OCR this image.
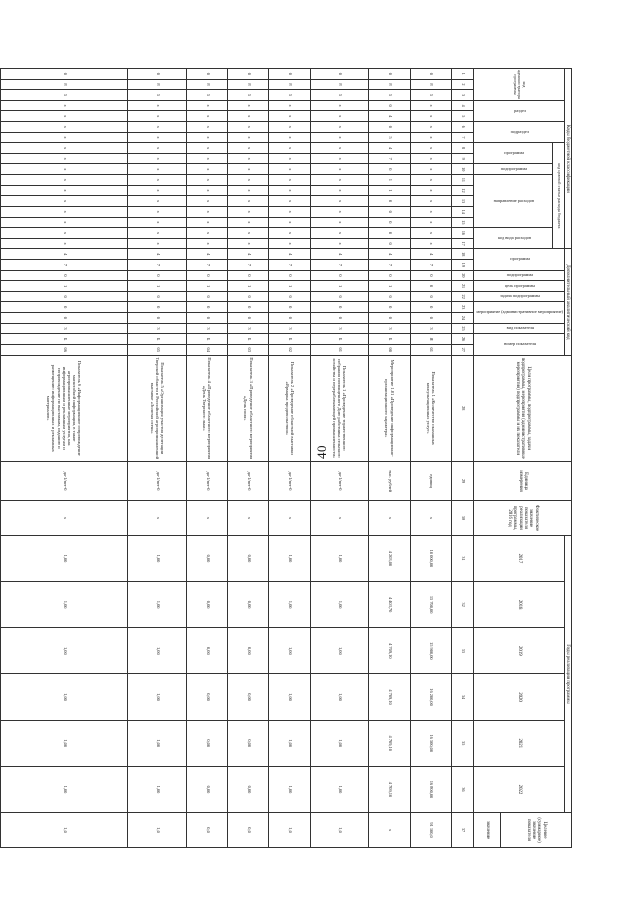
40
Коды бюджетной классификации																	Дополнительный аналитический код										Цели программы, подпрограммы, задачи подпрограммы, мероприятия (административные мероприятия) подпрограммы и их показатели	Единица измерения	Фактическое значение показателя реализации программы, 2016 год	Годы реализации программы						Целевое (суммарное) значение показателя
код администратора программы			раздел		подраздел		код целевой статьи расхода бюджета										программа		подпрограмма	цель программы	задача подпрограммы	мероприятие (административное мероприятие)		вид показателя	номер показателя					2017	2018	2019	2020	2021	2022	
							программа		подпрограмма	направление расходов					код вида расходов																					
																																				значение
1	2	3	4	5	6	7	8	9	10	11	12	13	14	15	16	17	18	19	20	21	22	23	24	25	26	27	28	29	30	31	32	33	34	35	36	37
0	8	5	x	x	x	x	x	x	x	x	x	x	x	x	x	x	4	7	0	0	0	0	0	3	Я	01	Показатель 1 «Количество оказанных консультационных услуг»	единиц	x	10 000,00	15 700,00	15 900,00	16 200,00	16 500,00	16 800,00	91 100,0
0	8	5	0	4	0	5	4	7	0	1	1	0	0	0	0	0	4	7	0	1	0	0	0	3	Б	00	Мероприятие 1.01 «Проведение информационно-организационного характера»	тыс. рублей	x	4 203,00	4 403,70	4 709,10	4 709,10	4 709,10	4 709,10	x
0	8	5	x	x	x	x	x	x	x	x	x	x	x	x	x	x	4	7	0	1	0	0	0	3	Б	01	Показатель 1 «Проведение торжественного собрания посвященного Дню работника сельского хозяйства и перерабатывающей промышленности»	да-1/нет-0	x	1,00	1,00	1,00	1,00	1,00	1,00	1,0
0	8	5	x	x	x	x	x	x	x	x	x	x	x	x	x	x	4	7	0	1	0	0	0	3	Б	02	Показатель 2 «Проведение областной выставки «Ярмарка продовольствия»	да-1/нет-0	x	1,00	1,00	1,00	1,00	1,00	1,00	1,0
0	8	5	x	x	x	x	x	x	x	x	x	x	x	x	x	x	4	7	0	1	0	0	0	3	Б	03	Показатель 3 «Проведение областного мероприятия «День поля»	да-1/нет-0	x	0,00	0,00	0,00	0,00	0,00	0,00	0,0
0	8	5	x	x	x	x	x	x	x	x	x	x	x	x	x	x	4	7	0	1	0	0	0	3	Б	04	Показатель 4 «Проведение областного мероприятия «День Тверского льна»	да-1/нет-0	x	0,00	0,00	0,00	0,00	0,00	0,00	0,0
0	8	5	x	x	x	x	x	x	x	x	x	x	x	x	x	x	4	7	0	1	0	0	0	3	Б	05	Показатель 5 «Организация участия делегации Тверской области в Российской агропромышленной выставке «Золотая осень»	да-1/нет-0	x	1,00	1,00	1,00	1,00	1,00	1,00	1,0
0	8	5	x	x	x	x	x	x	x	x	x	x	x	x	x	x	4	7	0	1	0	0	0	3	Б	06	Показатель 6 «Информационное сопровождение масштабной информации, в такие агропромышленные мероприятия, как информационным и рекламным услугам и сопровождение по выставкам, изданию и размещению информационных и рекламных материалов»	да-1/нет-0	x	1,00	1,00	1,00	1,00	1,00	1,00	1,0
